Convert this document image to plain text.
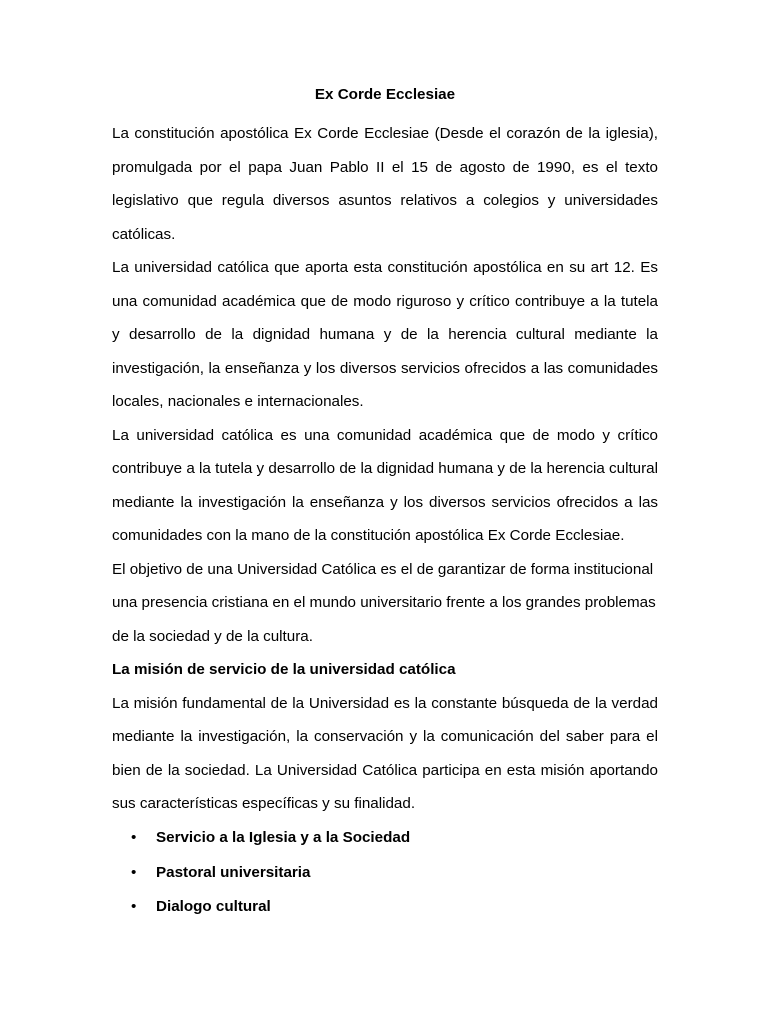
Ex Corde Ecclesiae

La constitución apostólica Ex Corde Ecclesiae (Desde el corazón de la iglesia), promulgada por el papa Juan Pablo II el 15 de agosto de 1990, es el texto legislativo que regula diversos asuntos relativos a colegios y universidades católicas.

La universidad católica que aporta esta constitución apostólica en su art 12. Es una comunidad académica que de modo riguroso y crítico contribuye a la tutela y desarrollo de la dignidad humana y de la herencia cultural mediante la investigación, la enseñanza y los diversos servicios ofrecidos a las comunidades locales, nacionales e internacionales.

La universidad católica es una comunidad académica que de modo y crítico contribuye a la tutela y desarrollo de la dignidad humana y de la herencia cultural mediante la investigación la enseñanza y los diversos servicios ofrecidos a las comunidades con la mano de la constitución apostólica Ex Corde Ecclesiae.

El objetivo de una Universidad Católica es el de garantizar de forma institucional una presencia cristiana en el mundo universitario frente a los grandes problemas de la sociedad y de la cultura.

La misión de servicio de la universidad católica

La misión fundamental de la Universidad es la constante búsqueda de la verdad mediante la investigación, la conservación y la comunicación del saber para el bien de la sociedad. La Universidad Católica participa en esta misión aportando sus características específicas y su finalidad.

• Servicio a la Iglesia y a la Sociedad
• Pastoral universitaria
• Dialogo cultural
